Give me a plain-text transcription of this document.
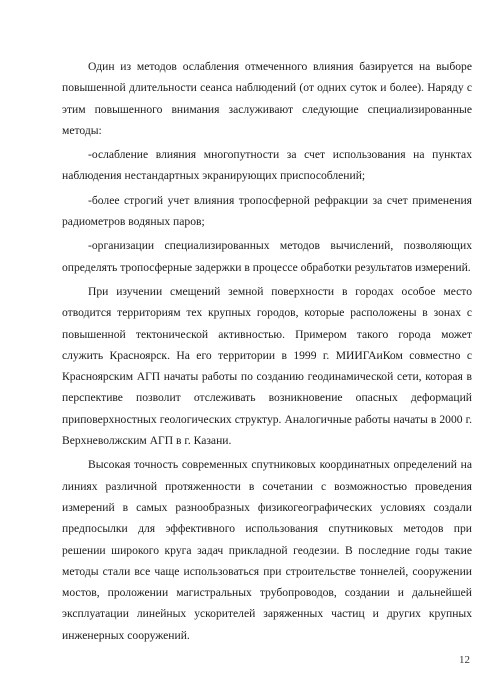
Один из методов ослабления отмеченного влияния базируется на выборе повышенной длительности сеанса наблюдений (от одних суток и более). Наряду с этим повышенного внимания заслуживают следующие специализированные методы:

-ослабление влияния многопутности за счет использования на пунктах наблюдения нестандартных экранирующих приспособлений;

-более строгий учет влияния тропосферной рефракции за счет применения радиометров водяных паров;

-организации специализированных методов вычислений, позволяющих определять тропосферные задержки в процессе обработки результатов измерений.

При изучении смещений земной поверхности в городах особое место отводится территориям тех крупных городов, которые расположены в зонах с повышенной тектонической активностью. Примером такого города может служить Красноярск. На его территории в 1999 г. МИИГАиКом совместно с Красноярским АГП начаты работы по созданию геодинамической сети, которая в перспективе позволит отслеживать возникновение опасных деформаций приповерхностных геологических структур. Аналогичные работы начаты в 2000 г. Верхневолжским АГП в г. Казани.

Высокая точность современных спутниковых координатных определений на линиях различной протяженности в сочетании с возможностью проведения измерений в самых разнообразных физикогеографических условиях создали предпосылки для эффективного использования спутниковых методов при решении широкого круга задач прикладной геодезии. В последние годы такие методы стали все чаще использоваться при строительстве тоннелей, сооружении мостов, проложении магистральных трубопроводов, создании и дальнейшей эксплуатации линейных ускорителей заряженных частиц и других крупных инженерных сооружений.

12
